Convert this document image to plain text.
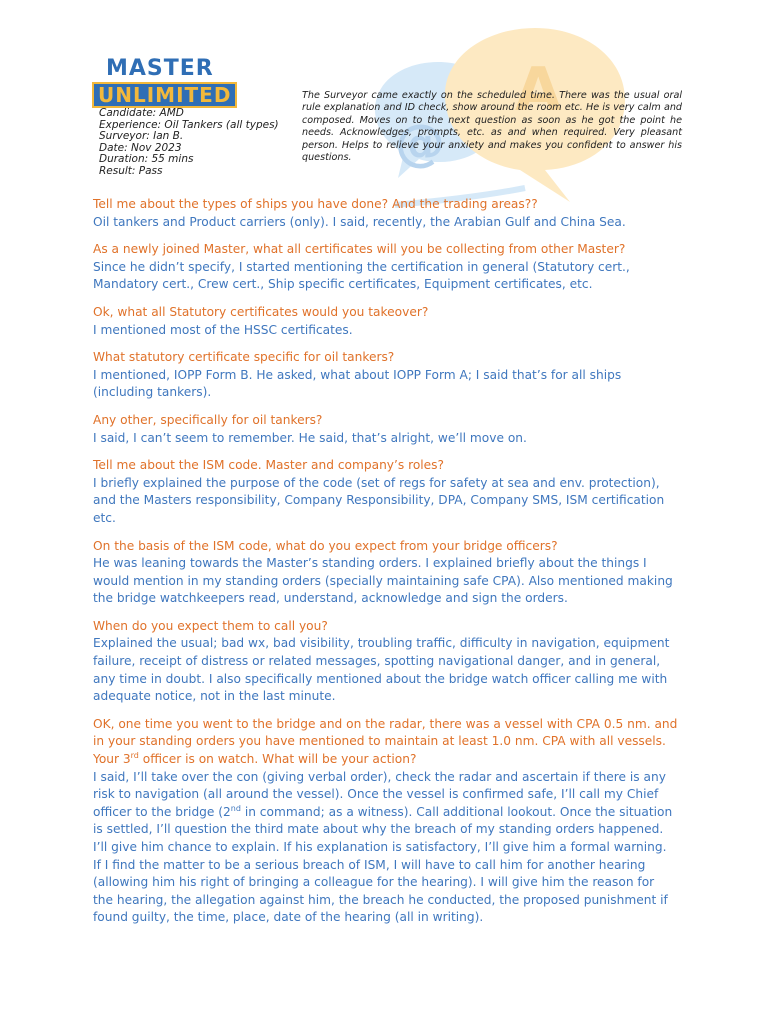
A
@
MASTER
UNLIMITED
Candidate: AMD
Experience: Oil Tankers (all types)
Surveyor: Ian B.
Date: Nov 2023
Duration: 55 mins
Result: Pass
The Surveyor came exactly on the scheduled time. There was the usual oral rule explanation and ID check, show around the room etc. He is very calm and composed. Moves on to the next question as soon as he got the point he needs. Acknowledges, prompts, etc. as and when required. Very pleasant person. Helps to relieve your anxiety and makes you confident to answer his questions.
Tell me about the types of ships you have done? And the trading areas??
Oil tankers and Product carriers (only). I said, recently, the Arabian Gulf and China Sea.
As a newly joined Master, what all certificates will you be collecting from other Master?
Since he didn’t specify, I started mentioning the certification in general (Statutory cert., Mandatory cert., Crew cert., Ship specific certificates, Equipment certificates, etc.
Ok, what all Statutory certificates would you takeover?
I mentioned most of the HSSC certificates.
What statutory certificate specific for oil tankers?
I mentioned, IOPP Form B. He asked, what about IOPP Form A; I said that’s for all ships (including tankers).
Any other, specifically for oil tankers?
I said, I can’t seem to remember. He said, that’s alright, we’ll move on.
Tell me about the ISM code. Master and company’s roles?
I briefly explained the purpose of the code (set of regs for safety at sea and env. protection), and the Masters responsibility, Company Responsibility, DPA, Company SMS, ISM certification etc.
On the basis of the ISM code, what do you expect from your bridge officers?
He was leaning towards the Master’s standing orders. I explained briefly about the things I would mention in my standing orders (specially maintaining safe CPA). Also mentioned making the bridge watchkeepers read, understand, acknowledge and sign the orders.
When do you expect them to call you?
Explained the usual; bad wx, bad visibility, troubling traffic, difficulty in navigation, equipment failure, receipt of distress or related messages, spotting navigational danger, and in general, any time in doubt. I also specifically mentioned about the bridge watch officer calling me with adequate notice, not in the last minute.
OK, one time you went to the bridge and on the radar, there was a vessel with CPA 0.5 nm. and in your standing orders you have mentioned to maintain at least 1.0 nm. CPA with all vessels. Your 3rd officer is on watch. What will be your action?
I said, I’ll take over the con (giving verbal order), check the radar and ascertain if there is any risk to navigation (all around the vessel). Once the vessel is confirmed safe, I’ll call my Chief officer to the bridge (2nd in command; as a witness). Call additional lookout. Once the situation is settled, I’ll question the third mate about why the breach of my standing orders happened. I’ll give him chance to explain. If his explanation is satisfactory, I’ll give him a formal warning. If I find the matter to be a serious breach of ISM, I will have to call him for another hearing (allowing him his right of bringing a colleague for the hearing). I will give him the reason for the hearing, the allegation against him, the breach he conducted, the proposed punishment if found guilty, the time, place, date of the hearing (all in writing).
